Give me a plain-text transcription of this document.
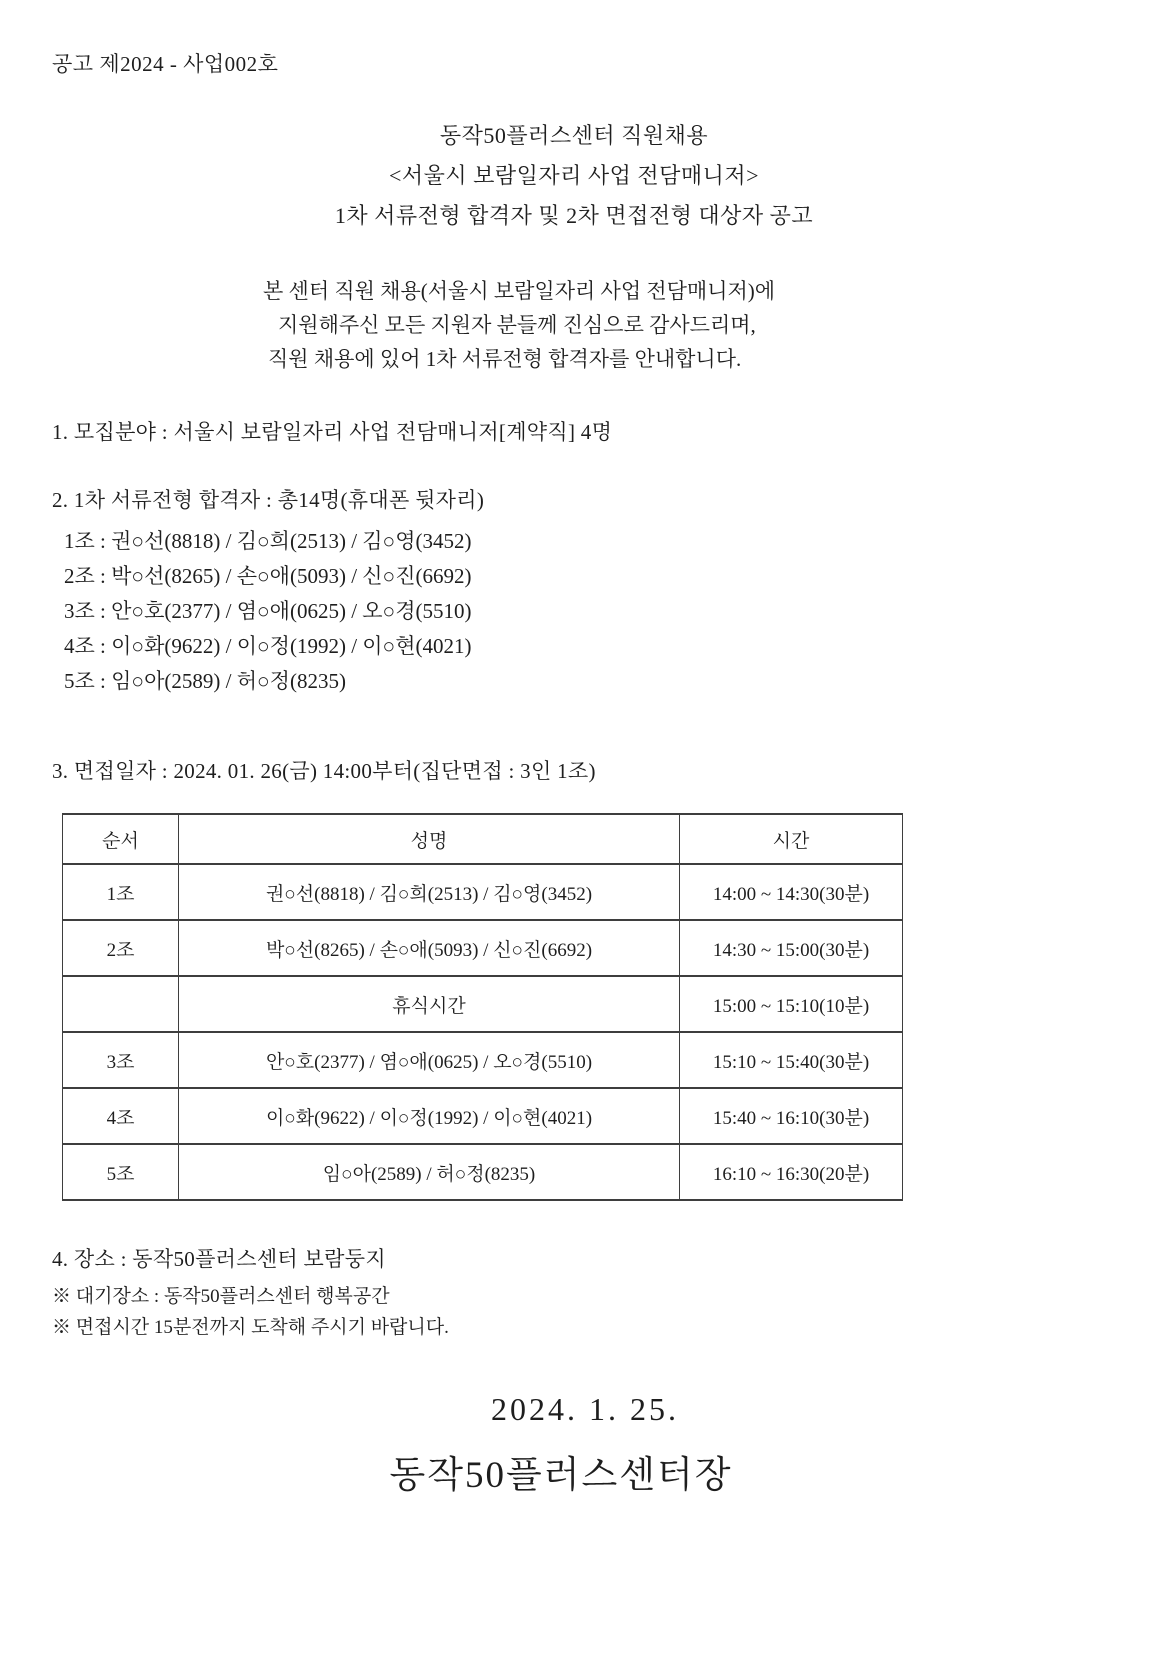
공고 제2024 - 사업002호
동작50플러스센터 직원채용
<서울시 보람일자리 사업 전담매니저>
1차 서류전형 합격자 및 2차 면접전형 대상자 공고
본 센터 직원 채용(서울시 보람일자리 사업 전담매니저)에
지원해주신 모든 지원자 분들께 진심으로 감사드리며,
직원 채용에 있어 1차 서류전형 합격자를 안내합니다.
1. 모집분야 : 서울시 보람일자리 사업 전담매니저[계약직] 4명
2. 1차 서류전형 합격자 : 총14명(휴대폰 뒷자리)
1조 : 권○선(8818) / 김○희(2513) / 김○영(3452)
2조 : 박○선(8265) / 손○애(5093) / 신○진(6692)
3조 : 안○호(2377) / 염○애(0625) / 오○경(5510)
4조 : 이○화(9622) / 이○정(1992) / 이○현(4021)
5조 : 임○아(2589) / 허○정(8235)
3. 면접일자 : 2024. 01. 26(금) 14:00부터(집단면접 : 3인 1조)
순서	성명	시간
1조	권○선(8818) / 김○희(2513) / 김○영(3452)	14:00 ~ 14:30(30분)
2조	박○선(8265) / 손○애(5093) / 신○진(6692)	14:30 ~ 15:00(30분)
	휴식시간	15:00 ~ 15:10(10분)
3조	안○호(2377) / 염○애(0625) / 오○경(5510)	15:10 ~ 15:40(30분)
4조	이○화(9622) / 이○정(1992) / 이○현(4021)	15:40 ~ 16:10(30분)
5조	임○아(2589) / 허○정(8235)	16:10 ~ 16:30(20분)
4. 장소 : 동작50플러스센터 보람둥지
※ 대기장소 : 동작50플러스센터 행복공간
※ 면접시간 15분전까지 도착해 주시기 바랍니다.
2024. 1. 25.
동작50플러스센터장
